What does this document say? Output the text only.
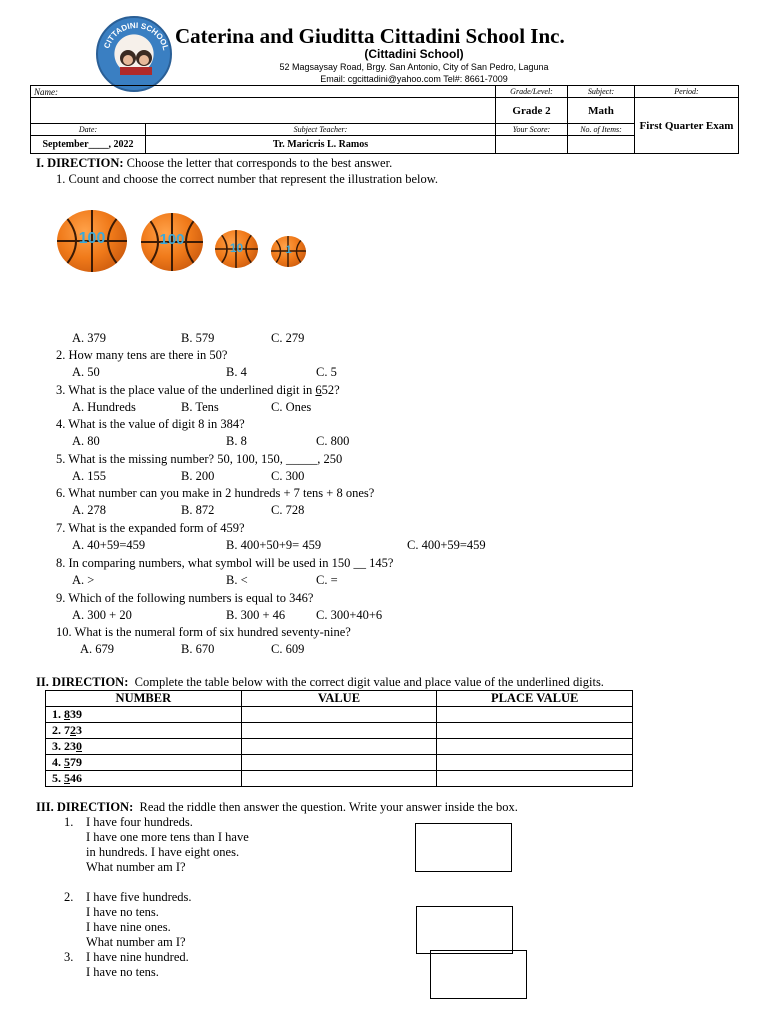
CITTADINI SCHOOL Caterina and Giuditta Cittadini School Inc.
(Cittadini School)
52 Magsaysay Road, Brgy. San Antonio, City of San Pedro, Laguna
Email: cgcittadini@yahoo.com Tel#: 8661-7009
Name:		Grade/Level:	Subject:	Period:
		Grade 2	Math	First Quarter Exam
Date:	Subject Teacher:	Your Score:	No. of Items:	
September____, 2022	Tr. Maricris L. Ramos			
I. DIRECTION: Choose the letter that corresponds to the best answer.
1. Count and choose the correct number that represent the illustration below.
100	100	10	1
A. 379	B. 579	C. 279
2. How many tens are there in 50?
A. 50	B. 4	C. 5
3. What is the place value of the underlined digit in 652?
A. Hundreds	B. Tens	C. Ones
4. What is the value of digit 8 in 384?
A. 80	B. 8	C. 800
5. What is the missing number? 50, 100, 150, _____, 250
A. 155	B. 200	C. 300
6. What number can you make in 2 hundreds + 7 tens + 8 ones?
A. 278	B. 872	C. 728
7. What is the expanded form of 459?
A. 40+59=459	B. 400+50+9= 459	C. 400+59=459
8. In comparing numbers, what symbol will be used in 150 __ 145?
A. >	B. <	C. =
9. Which of the following numbers is equal to 346?
A. 300 + 20	B. 300 + 46 C. 300+40+6
10. What is the numeral form of six hundred seventy-nine?
A. 679	B. 670	C. 609
II. DIRECTION: Complete the table below with the correct digit value and place value of the underlined digits.
NUMBER	VALUE	PLACE VALUE
1. 839		
2. 723		
3. 230		
4. 579		
5. 546		
III. DIRECTION: Read the riddle then answer the question. Write your answer inside the box.
1. I have four hundreds.
I have one more tens than I have
in hundreds. I have eight ones.
What number am I?
2. I have five hundreds.
I have no tens.
I have nine ones.
What number am I?
3. I have nine hundred.
I have no tens.
